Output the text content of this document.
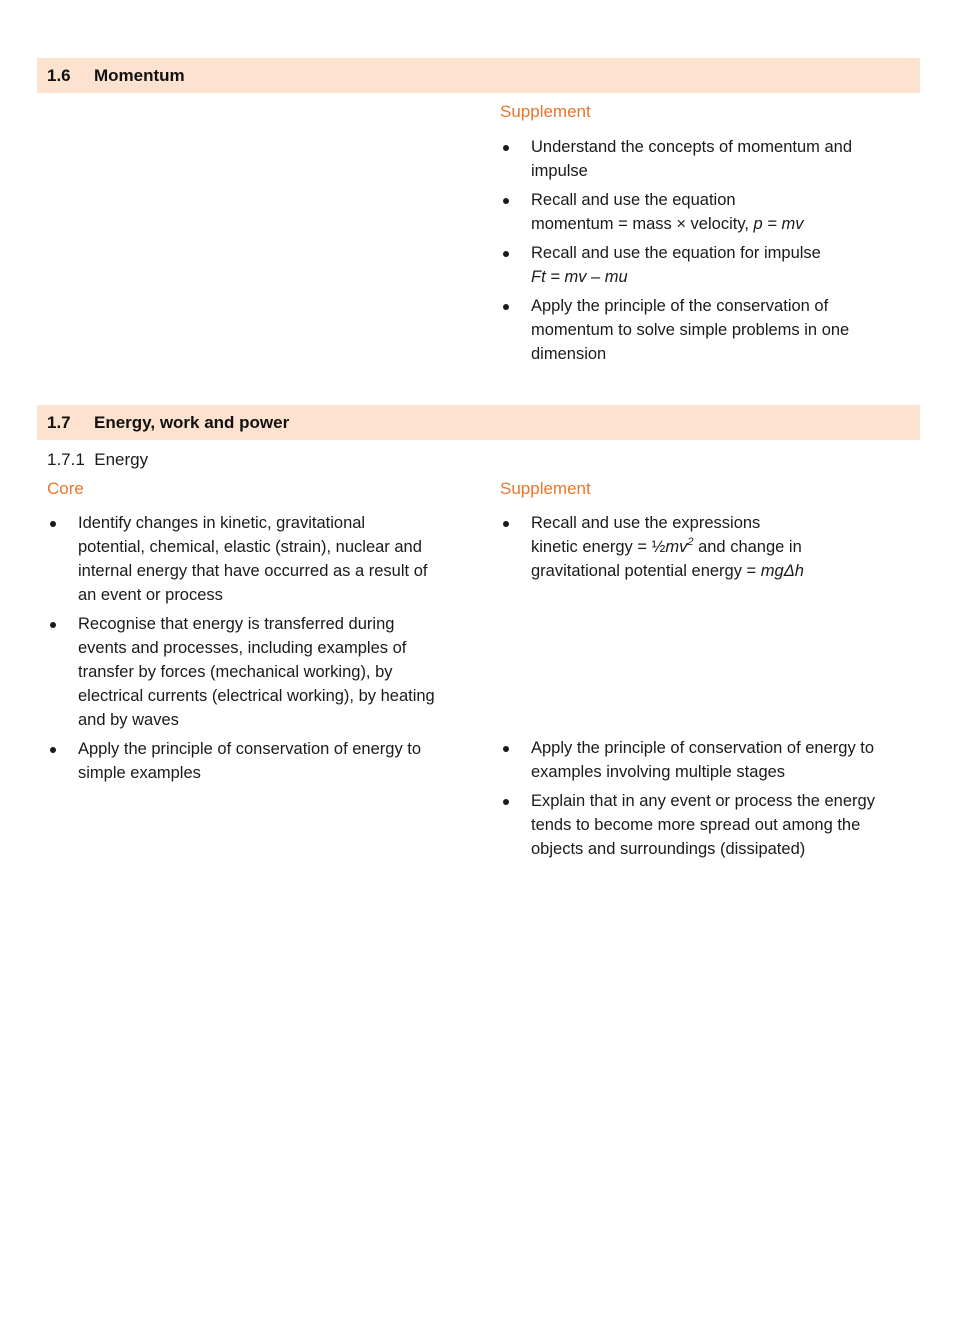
1.6	Momentum
Supplement
Understand the concepts of momentum and
impulse
Recall and use the equation
momentum = mass × velocity, p = mv
Recall and use the equation for impulse
Ft = mv – mu
Apply the principle of the conservation of
momentum to solve simple problems in one
dimension
1.7	Energy, work and power
1.7.1  Energy
Core	Supplement
Identify changes in kinetic, gravitational
potential, chemical, elastic (strain), nuclear and
internal energy that have occurred as a result of
an event or process
Recognise that energy is transferred during
events and processes, including examples of
transfer by forces (mechanical working), by
electrical currents (electrical working), by heating
and by waves
Apply the principle of conservation of energy to
simple examples
Recall and use the expressions
kinetic energy = $\frac{1}{2}mv^2$ and change in
gravitational potential energy = mgΔh
Apply the principle of conservation of energy to
examples involving multiple stages
Explain that in any event or process the energy
tends to become more spread out among the
objects and surroundings (dissipated)
